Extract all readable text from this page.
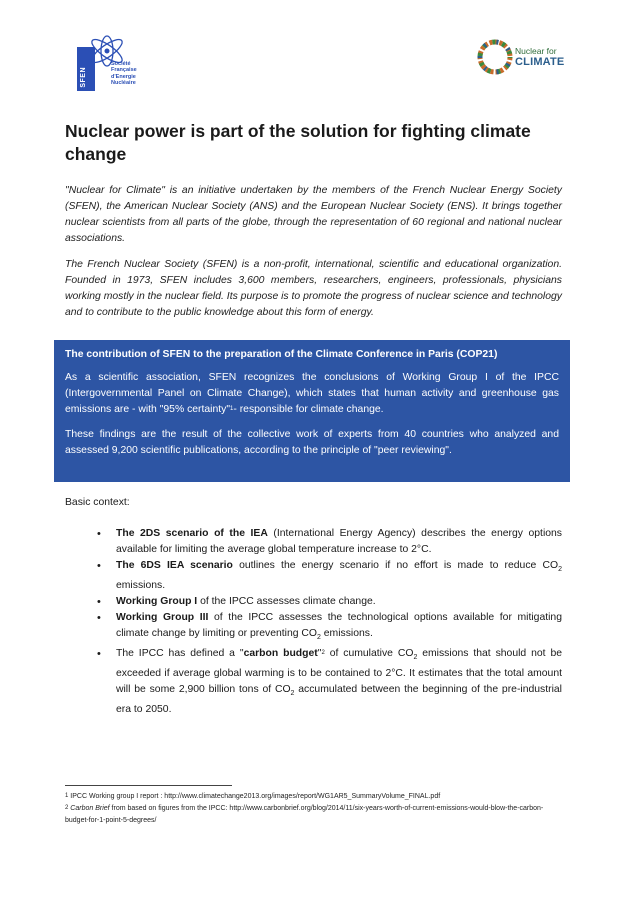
SFEN
Société
Française
d'Energie
Nucléaire
Nuclear for
CLIMATE
Nuclear power is part of the solution for fighting climate change

"Nuclear for Climate" is an initiative undertaken by the members of the French Nuclear Energy Society (SFEN), the American Nuclear Society (ANS) and the European Nuclear Society (ENS). It brings together nuclear scientists from all parts of the globe, through the representation of 60 regional and national nuclear associations.

The French Nuclear Society (SFEN) is a non-profit, international, scientific and educational organization. Founded in 1973, SFEN includes 3,600 members, researchers, engineers, professionals, physicians working mostly in the nuclear field. Its purpose is to promote the progress of nuclear science and technology and to contribute to the public knowledge about this form of energy.

The contribution of SFEN to the preparation of the Climate Conference in Paris (COP21)

As a scientific association, SFEN recognizes the conclusions of Working Group I of the IPCC (Intergovernmental Panel on Climate Change), which states that human activity and greenhouse gas emissions are - with "95% certainty"$^1$- responsible for climate change.

These findings are the result of the collective work of experts from 40 countries who analyzed and assessed 9,200 scientific publications, according to the principle of "peer reviewing".

Basic context:

• The 2DS scenario of the IEA (International Energy Agency) describes the energy options available for limiting the average global temperature increase to 2°C.
• The 6DS IEA scenario outlines the energy scenario if no effort is made to reduce $CO_2$ emissions.
• Working Group I of the IPCC assesses climate change.
• Working Group III of the IPCC assesses the technological options available for mitigating climate change by limiting or preventing $CO_2$ emissions.
• The IPCC has defined a "carbon budget"$^2$ of cumulative $CO_2$ emissions that should not be exceeded if average global warming is to be contained to 2°C. It estimates that the total amount will be some 2,900 billion tons of $CO_2$ accumulated between the beginning of the pre-industrial era to 2050.

$^1$ IPCC Working group I report : http://www.climatechange2013.org/images/report/WG1AR5_SummaryVolume_FINAL.pdf

$^2$ Carbon Brief from based on figures from the IPCC: http://www.carbonbrief.org/blog/2014/11/six-years-worth-of-current-emissions-would-blow-the-carbon-budget-for-1-point-5-degrees/
